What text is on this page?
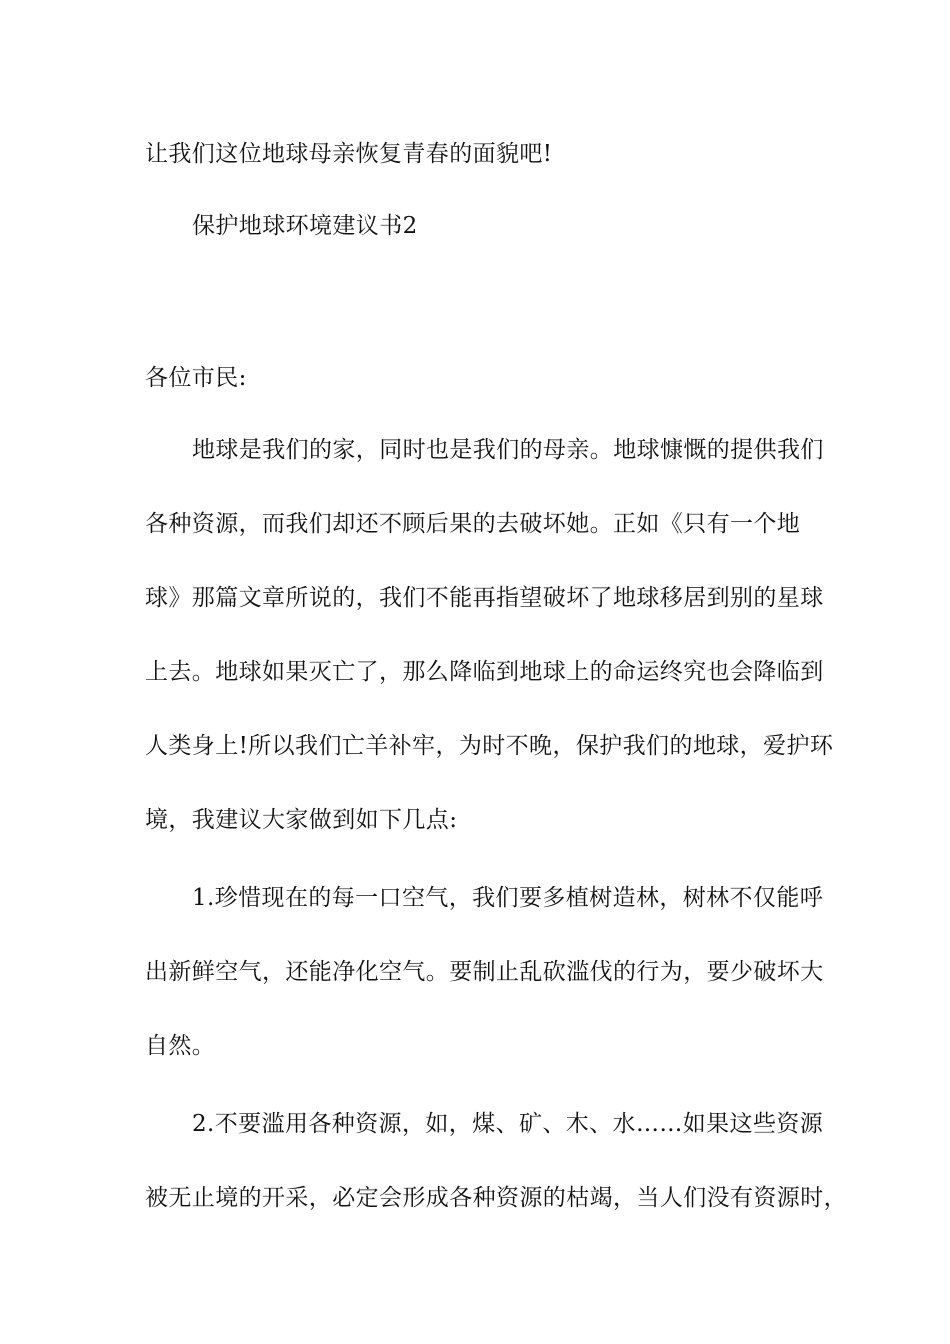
让我们这位地球母亲恢复青春的面貌吧!
保护地球环境建议书2
各位市民:
地球是我们的家，同时也是我们的母亲。地球慷慨的提供我们
各种资源，而我们却还不顾后果的去破坏她。正如《只有一个地
球》那篇文章所说的，我们不能再指望破坏了地球移居到别的星球
上去。地球如果灭亡了，那么降临到地球上的命运终究也会降临到
人类身上!所以我们亡羊补牢，为时不晚，保护我们的地球，爱护环
境，我建议大家做到如下几点:
1.珍惜现在的每一口空气，我们要多植树造林，树林不仅能呼
出新鲜空气，还能净化空气。要制止乱砍滥伐的行为，要少破坏大
自然。
2.不要滥用各种资源，如，煤、矿、木、水……如果这些资源
被无止境的开采，必定会形成各种资源的枯竭，当人们没有资源时，
